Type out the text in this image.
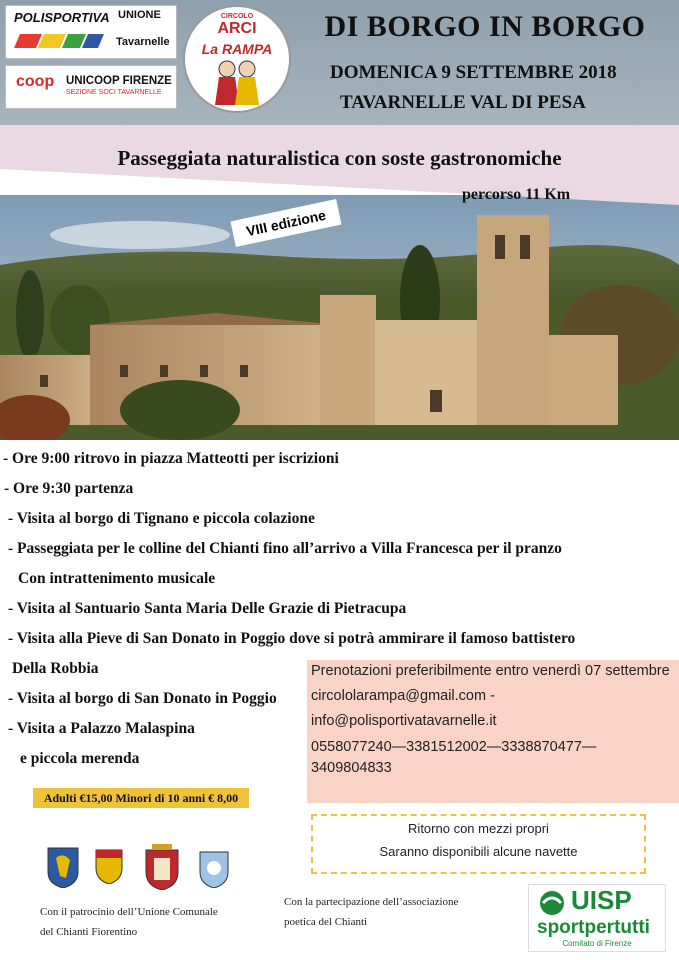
POLISPORTIVA UNIONE
Tavarnelle
coop UNICOOP FIRENZE
SEZIONE SOCI TAVARNELLE
CIRCOLO
ARCI
La RAMPA
DI BORGO IN BORGO
DOMENICA 9 SETTEMBRE 2018
TAVARNELLE VAL DI PESA
Passeggiata naturalistica con soste gastronomiche
percorso 11 Km
VIII edizione
- Ore 9:00 ritrovo in piazza Matteotti per iscrizioni
- Ore 9:30 partenza
- Visita al borgo di Tignano e piccola colazione
- Passeggiata per le colline del Chianti fino all’arrivo a Villa Francesca per il pranzo
Con intrattenimento musicale
- Visita al Santuario Santa Maria Delle Grazie di Pietracupa
- Visita alla Pieve di San Donato in Poggio dove si potrà ammirare il famoso battistero
Della Robbia
- Visita al borgo di San Donato in Poggio
- Visita a Palazzo Malaspina
e piccola merenda
Prenotazioni preferibilmente entro venerdì 07 settembre
circololarampa@gmail.com -
info@polisportivatavarnelle.it
0558077240—3381512002—3338870477—
3409804833
Adulti €15,00 Minori di 10 anni € 8,00
Ritorno con mezzi propri
Saranno disponibili alcune navette
Con il patrocinio dell’Unione Comunale
del Chianti Fiorentino
Con la partecipazione dell’associazione
poetica del Chianti
UISP
sportpertutti
Comitato di Firenze
